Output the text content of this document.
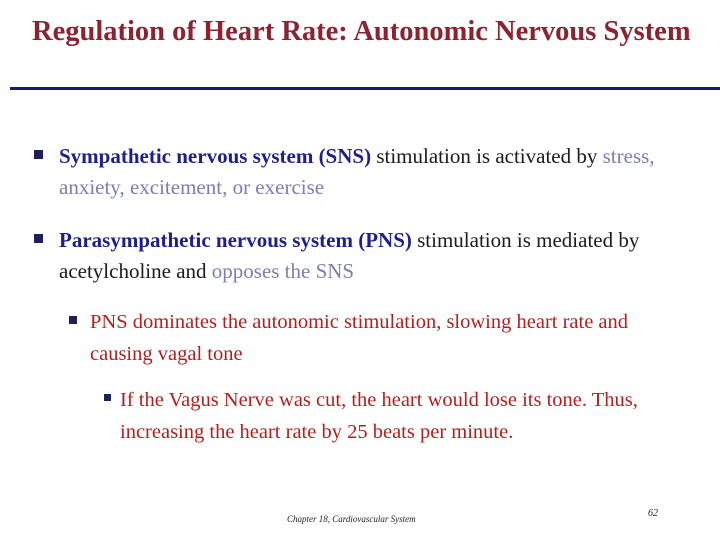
Regulation of Heart Rate: Autonomic Nervous System

Sympathetic nervous system (SNS) stimulation is activated by stress, anxiety, excitement, or exercise

Parasympathetic nervous system (PNS) stimulation is mediated by acetylcholine and opposes the SNS

PNS dominates the autonomic stimulation, slowing heart rate and causing vagal tone

If the Vagus Nerve was cut, the heart would lose its tone. Thus, increasing the heart rate by 25 beats per minute.

Chapter 18, Cardiovascular System	62
